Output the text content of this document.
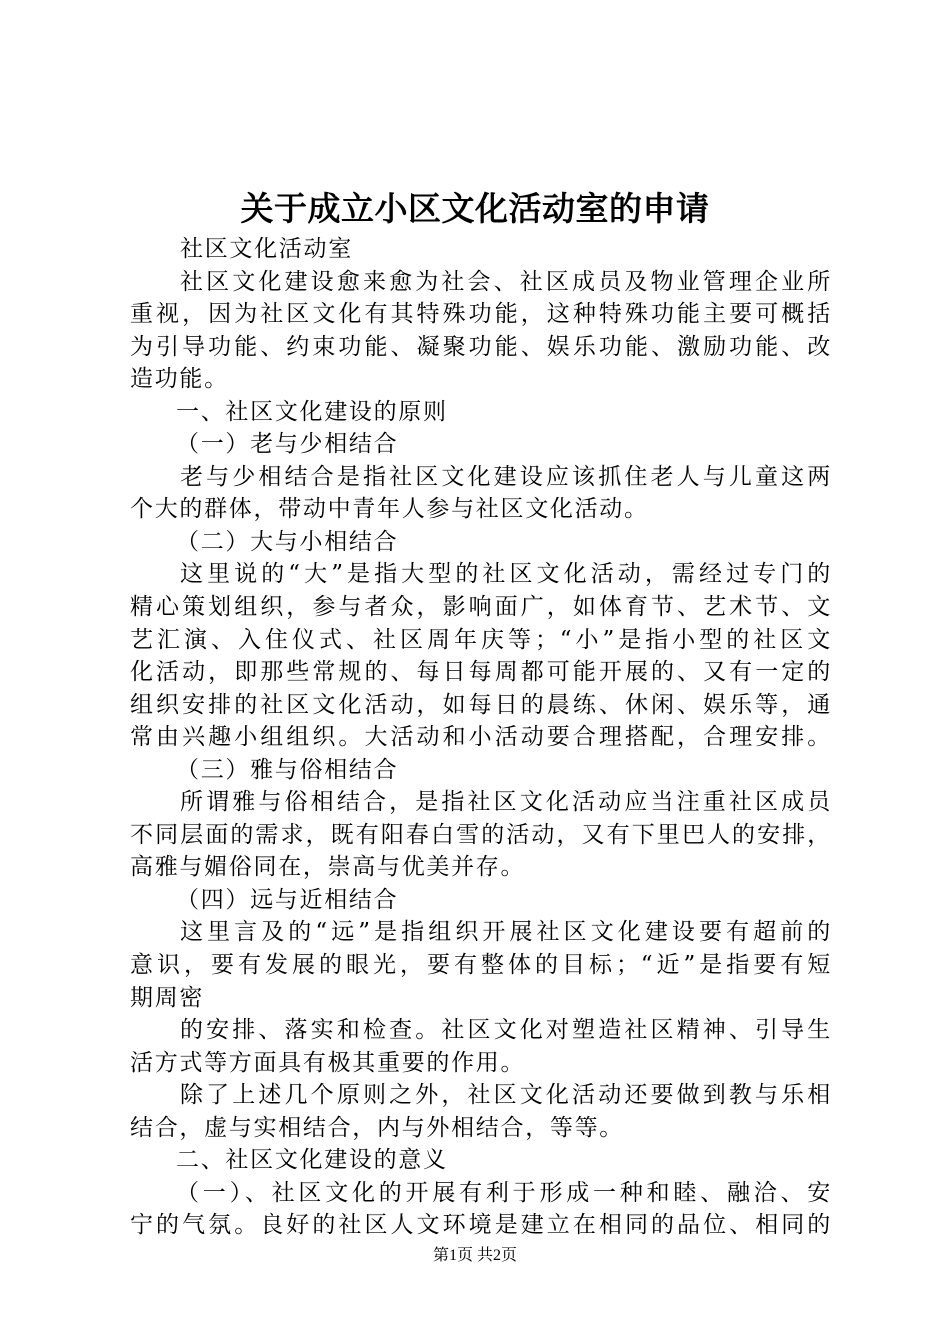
关于成立小区文化活动室的申请
社区文化活动室
社区文化建设愈来愈为社会、社区成员及物业管理企业所
重视，因为社区文化有其特殊功能，这种特殊功能主要可概括
为引导功能、约束功能、凝聚功能、娱乐功能、激励功能、改
造功能。
一、社区文化建设的原则
（一）老与少相结合
老与少相结合是指社区文化建设应该抓住老人与儿童这两
个大的群体，带动中青年人参与社区文化活动。
（二）大与小相结合
这里说的“大”是指大型的社区文化活动，需经过专门的
精心策划组织，参与者众，影响面广，如体育节、艺术节、文
艺汇演、入住仪式、社区周年庆等；“小”是指小型的社区文
化活动，即那些常规的、每日每周都可能开展的、又有一定的
组织安排的社区文化活动，如每日的晨练、休闲、娱乐等，通
常由兴趣小组组织。大活动和小活动要合理搭配，合理安排。
（三）雅与俗相结合
所谓雅与俗相结合，是指社区文化活动应当注重社区成员
不同层面的需求，既有阳春白雪的活动，又有下里巴人的安排，
高雅与媚俗同在，崇高与优美并存。
（四）远与近相结合
这里言及的“远”是指组织开展社区文化建设要有超前的
意识，要有发展的眼光，要有整体的目标；“近”是指要有短
期周密
的安排、落实和检查。社区文化对塑造社区精神、引导生
活方式等方面具有极其重要的作用。
除了上述几个原则之外，社区文化活动还要做到教与乐相
结合，虚与实相结合，内与外相结合，等等。
二、社区文化建设的意义
（一）、社区文化的开展有利于形成一种和睦、融洽、安
宁的气氛。良好的社区人文环境是建立在相同的品位、相同的
第1页 共2页
